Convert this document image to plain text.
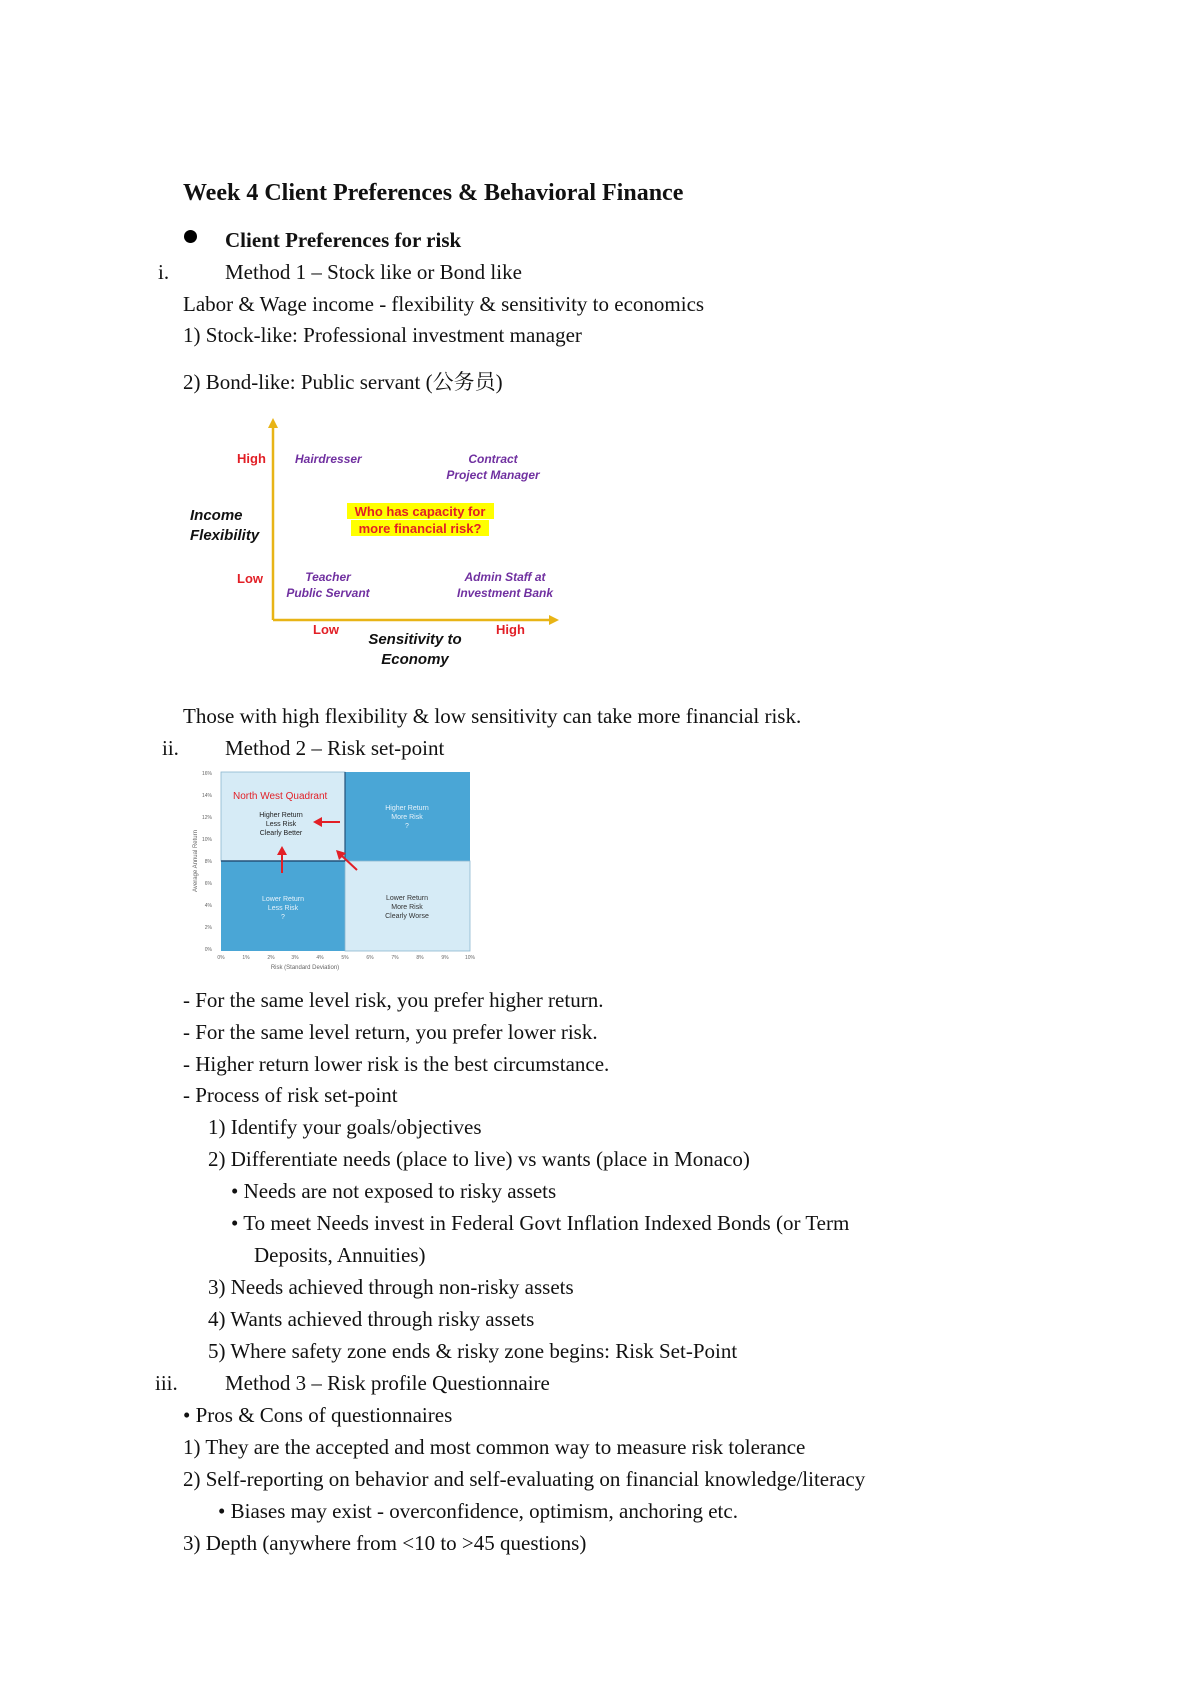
Week 4 Client Preferences & Behavioral Finance
Client Preferences for risk
i.	Method 1 – Stock like or Bond like
Labor & Wage income - flexibility & sensitivity to economics
1) Stock-like: Professional investment manager
2) Bond-like: Public servant (公务员)
High
Low
Income
Flexibility
Low	High
Sensitivity to
Economy
Hairdresser	Contract
Project Manager
Teacher
Public Servant
Admin Staff at
Investment Bank
Who has capacity for
more financial risk?
Those with high flexibility & low sensitivity can take more financial risk.
ii. Method 2 – Risk set-point
North West Quadrant
Higher Return
Less Risk
Clearly Better
Higher Return
More Risk
?
Lower Return
Less Risk
?
Lower Return
More Risk
Clearly Worse
16%
14%
12%
10%
8%
6%
4%
2%
0%
Average Annual Return
0%	1%	2%	3%	4%	5%	6%	7%	8%	9%	10%
Risk (Standard Deviation)
- For the same level risk, you prefer higher return.
- For the same level return, you prefer lower risk.
- Higher return lower risk is the best circumstance.
- Process of risk set-point
1) Identify your goals/objectives
2) Differentiate needs (place to live) vs wants (place in Monaco)
• Needs are not exposed to risky assets
• To meet Needs invest in Federal Govt Inflation Indexed Bonds (or Term
Deposits, Annuities)
3) Needs achieved through non-risky assets
4) Wants achieved through risky assets
5) Where safety zone ends & risky zone begins: Risk Set-Point
iii. Method 3 – Risk profile Questionnaire
• Pros & Cons of questionnaires
1) They are the accepted and most common way to measure risk tolerance
2) Self-reporting on behavior and self-evaluating on financial knowledge/literacy
• Biases may exist - overconfidence, optimism, anchoring etc.
3) Depth (anywhere from <10 to >45 questions)
